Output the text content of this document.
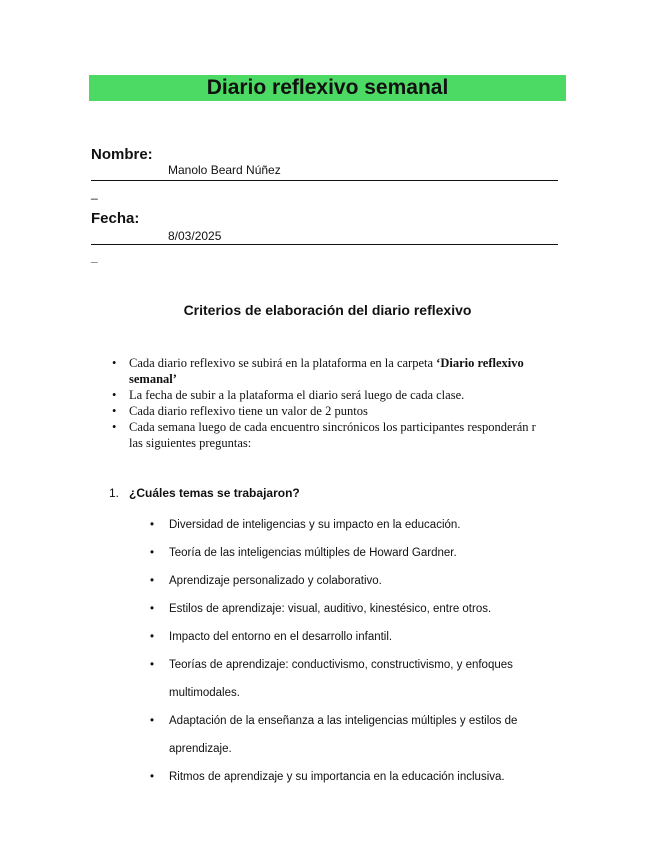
Diario reflexivo semanal
Nombre:
Manolo Beard Núñez
_
Fecha:
8/03/2025
_
Criterios de elaboración del diario reflexivo
• Cada diario reflexivo se subirá en la plataforma en la carpeta ‘Diario reflexivo semanal’
• La fecha de subir a la plataforma el diario será luego de cada clase.
• Cada diario reflexivo tiene un valor de 2 puntos
• Cada semana luego de cada encuentro sincrónicos los participantes responderán r las siguientes preguntas:
1. ¿Cuáles temas se trabajaron?
• Diversidad de inteligencias y su impacto en la educación.
• Teoría de las inteligencias múltiples de Howard Gardner.
• Aprendizaje personalizado y colaborativo.
• Estilos de aprendizaje: visual, auditivo, kinestésico, entre otros.
• Impacto del entorno en el desarrollo infantil.
• Teorías de aprendizaje: conductivismo, constructivismo, y enfoques multimodales.
• Adaptación de la enseñanza a las inteligencias múltiples y estilos de aprendizaje.
• Ritmos de aprendizaje y su importancia en la educación inclusiva.
